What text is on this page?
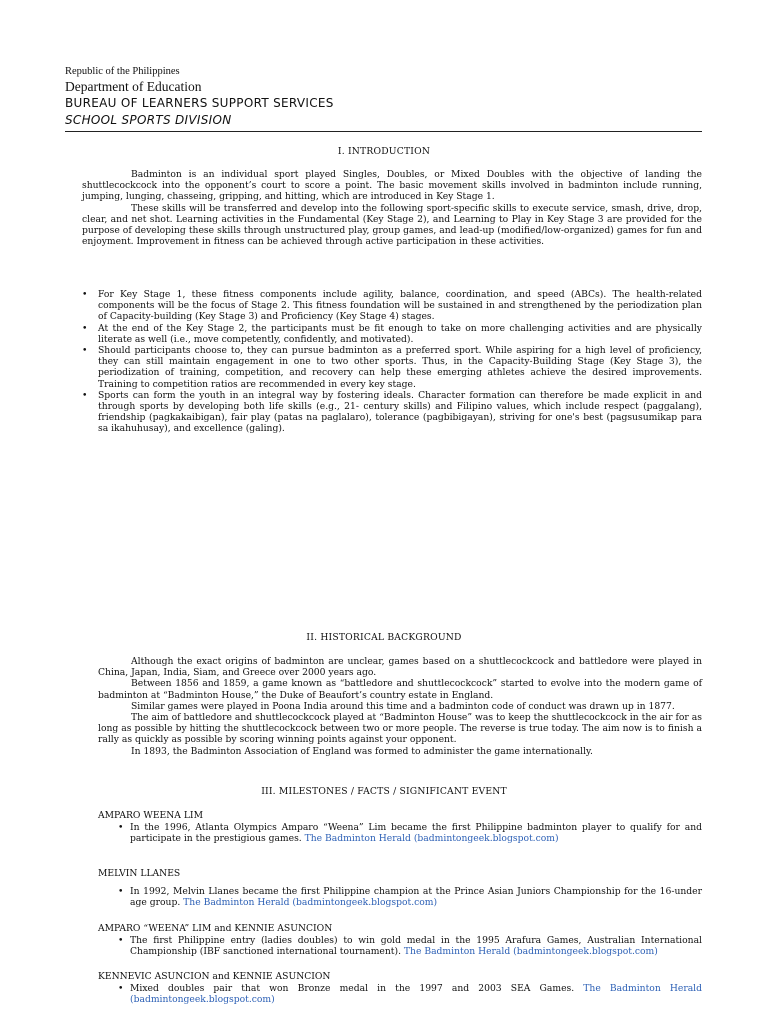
Republic of the Philippines
Department of Education
BUREAU OF LEARNERS SUPPORT SERVICES
SCHOOL SPORTS DIVISION
I. INTRODUCTION

Badminton is an individual sport played Singles, Doubles, or Mixed Doubles with the objective of landing the shuttlecockcock into the opponent’s court to score a point. The basic movement skills involved in badminton include running, jumping, lunging, chasseing, gripping, and hitting, which are introduced in Key Stage 1.

These skills will be transferred and develop into the following sport-specific skills to execute service, smash, drive, drop, clear, and net shot. Learning activities in the Fundamental (Key Stage 2), and Learning to Play in Key Stage 3 are provided for the purpose of developing these skills through unstructured play, group games, and lead-up (modified/low-organized) games for fun and enjoyment. Improvement in fitness can be achieved through active participation in these activities.

• For Key Stage 1, these fitness components include agility, balance, coordination, and speed (ABCs). The health-related components will be the focus of Stage 2. This fitness foundation will be sustained in and strengthened by the periodization plan of Capacity-building (Key Stage 3) and Proficiency (Key Stage 4) stages.
• At the end of the Key Stage 2, the participants must be fit enough to take on more challenging activities and are physically literate as well (i.e., move competently, confidently, and motivated).
• Should participants choose to, they can pursue badminton as a preferred sport. While aspiring for a high level of proficiency, they can still maintain engagement in one to two other sports. Thus, in the Capacity-Building Stage (Key Stage 3), the periodization of training, competition, and recovery can help these emerging athletes achieve the desired improvements. Training to competition ratios are recommended in every key stage.
• Sports can form the youth in an integral way by fostering ideals. Character formation can therefore be made explicit in and through sports by developing both life skills (e.g., 21- century skills) and Filipino values, which include respect (paggalang), friendship (pagkakaibigan), fair play (patas na paglalaro), tolerance (pagbibigayan), striving for one's best (pagsusumikap para sa ikahuhusay), and excellence (galing).
II. HISTORICAL BACKGROUND

Although the exact origins of badminton are unclear, games based on a shuttlecockcock and battledore were played in China, Japan, India, Siam, and Greece over 2000 years ago.

Between 1856 and 1859, a game known as “battledore and shuttlecockcock” started to evolve into the modern game of badminton at “Badminton House,” the Duke of Beaufort’s country estate in England.

Similar games were played in Poona India around this time and a badminton code of conduct was drawn up in 1877.

The aim of battledore and shuttlecockcock played at “Badminton House” was to keep the shuttlecockcock in the air for as long as possible by hitting the shuttlecockcock between two or more people. The reverse is true today. The aim now is to finish a rally as quickly as possible by scoring winning points against your opponent.

In 1893, the Badminton Association of England was formed to administer the game internationally.

III. MILESTONES / FACTS / SIGNIFICANT EVENT
AMPARO WEENA LIM
• In the 1996, Atlanta Olympics Amparo “Weena” Lim became the first Philippine badminton player to qualify for and participate in the prestigious games. The Badminton Herald (badmintongeek.blogspot.com)
MELVIN LLANES
• In 1992, Melvin Llanes became the first Philippine champion at the Prince Asian Juniors Championship for the 16-under age group. The Badminton Herald (badmintongeek.blogspot.com)
AMPARO “WEENA” LIM and KENNIE ASUNCION
• The first Philippine entry (ladies doubles) to win gold medal in the 1995 Arafura Games, Australian International Championship (IBF sanctioned international tournament). The Badminton Herald (badmintongeek.blogspot.com)
KENNEVIC ASUNCION and KENNIE ASUNCION
• Mixed doubles pair that won Bronze medal in the 1997 and 2003 SEA Games. The Badminton Herald (badmintongeek.blogspot.com)
